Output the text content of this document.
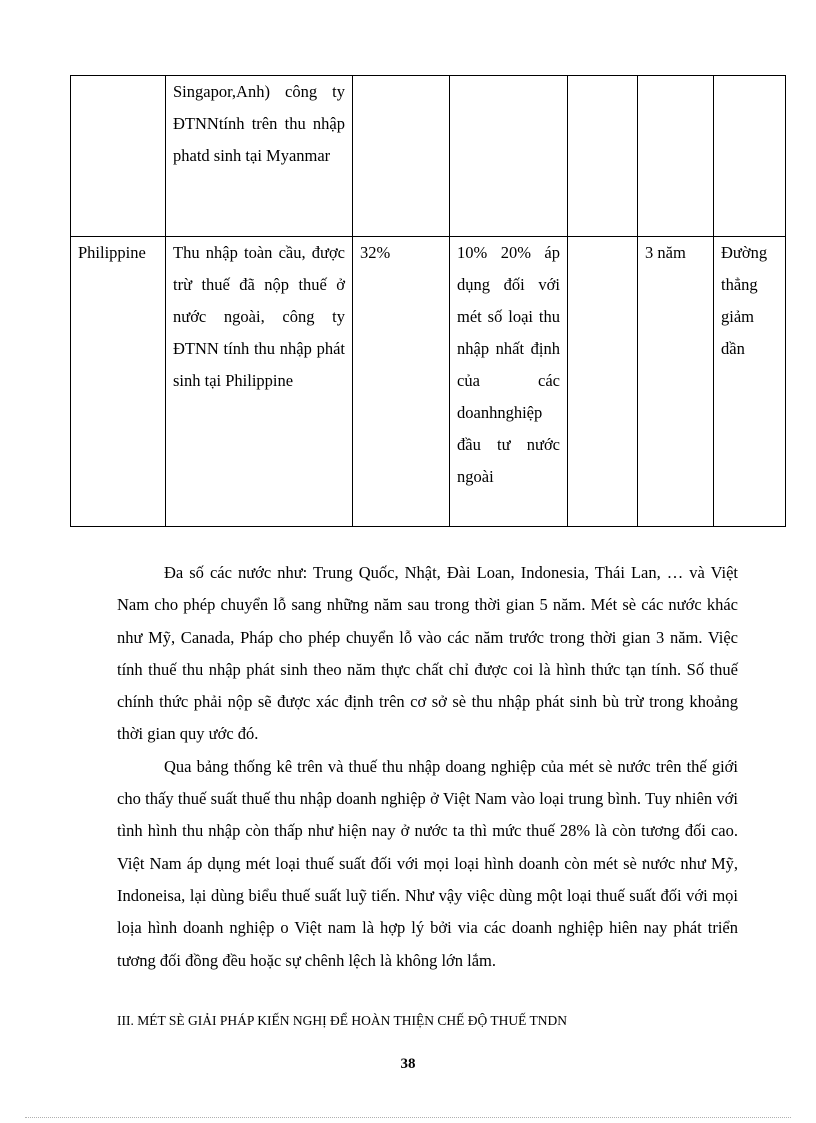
	Singapor,Anh) công ty ĐTNNtính trên thu nhập phatd sinh tại Myanmar					
Philippine	Thu nhập toàn cầu, được trừ thuế đã nộp thuế ở nước ngoài, công ty ĐTNN tính thu nhập phát sinh tại Philippine	32%	10% 20% áp dụng đối với mét số loại thu nhập nhất định của các doanhnghiệp đầu tư nước ngoài		3 năm	Đường thẳng giảm dần

Đa số các nước như: Trung Quốc, Nhật, Đài Loan, Indonesia, Thái Lan, … và Việt Nam cho phép chuyển lỗ sang những năm sau trong thời gian 5 năm. Mét sè các nước khác như Mỹ, Canada, Pháp cho phép chuyển lỗ vào các năm trước trong thời gian 3 năm. Việc tính thuế thu nhập phát sinh theo năm thực chất chỉ được coi là hình thức tạn tính. Số thuế chính thức phải nộp sẽ được xác định trên cơ sở sè thu nhập phát sinh bù trừ trong khoảng thời gian quy ước đó.

Qua bảng thống kê trên và thuế thu nhập doang nghiệp của mét sè nước trên thế giới cho thấy thuế suất thuế thu nhập doanh nghiệp ở Việt Nam vào loại trung bình. Tuy nhiên với tình hình thu nhập còn thấp như hiện nay ở nước ta thì mức thuế 28% là còn tương đối cao. Việt Nam áp dụng mét loại thuế suất đối với mọi loại hình doanh còn mét sè nước như Mỹ, Indoneisa, lại dùng biểu thuế suất luỹ tiến. Như vậy việc dùng một loại thuế suất đối với mọi loịa hình doanh nghiệp o Việt nam là hợp lý bởi via các doanh nghiệp hiên nay phát triển tương đối đồng đều hoặc sự chênh lệch là không lớn lắm.

III. MÉT SÈ GIẢI PHÁP KIẾN NGHỊ ĐỂ HOÀN THIỆN CHẾ ĐỘ THUẾ TNDN
38
